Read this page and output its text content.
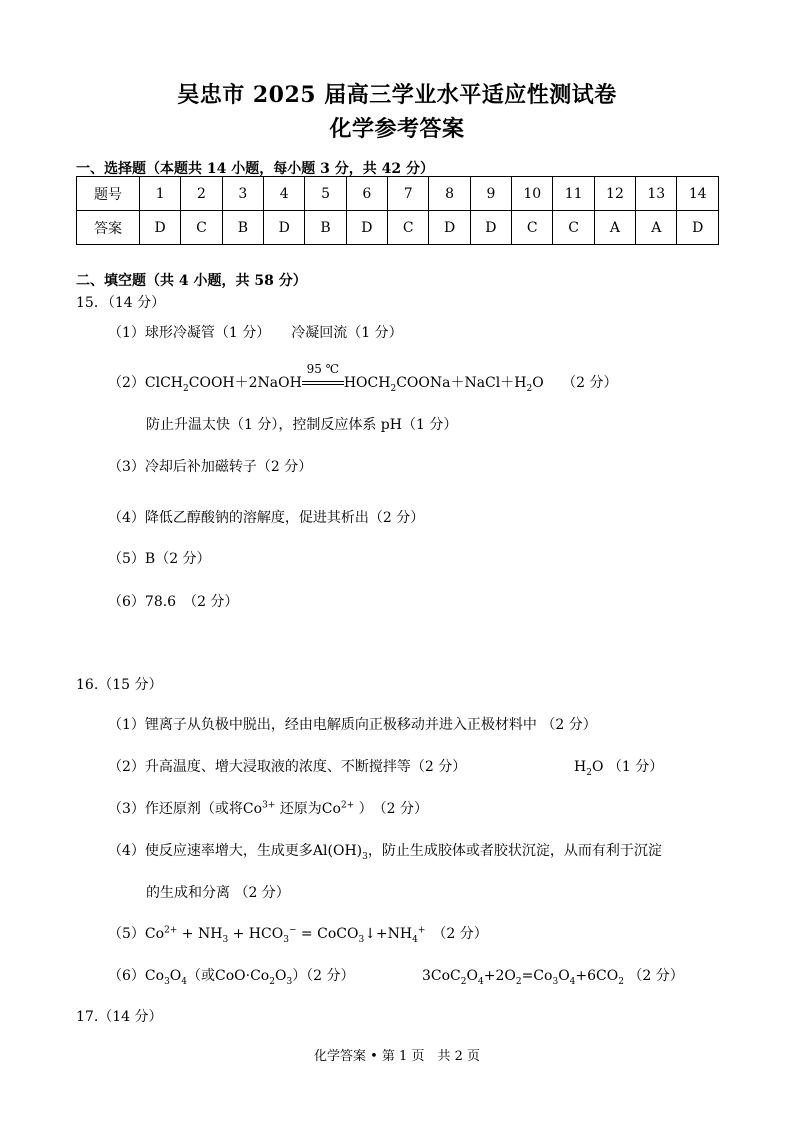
吴忠市 2025 届高三学业水平适应性测试卷
化学参考答案
一、选择题（本题共 14 小题，每小题 3 分，共 42 分）
题号	1	2	3	4	5	6	7	8	9	10	11	12	13	14
答案	D	C	B	D	B	D	C	D	D	C	C	A	A	D
二、填空题（共 4 小题，共 58 分）
15．（14 分）
（1）球形冷凝管（1 分）　　冷凝回流（1 分）
（2）ClCH$_2$COOH＋2NaOH
95 ℃
$HOCH_2COONa+NaCl+H_2O$　 （2 分）
防止升温太快（1 分），控制反应体系 pH（1 分）
（3）冷却后补加磁转子（2 分）
（4）降低乙醇酸钠的溶解度，促进其析出（2 分）
（5）B（2 分）
（6）78.6　（2 分）
16.（15 分）
（1）锂离子从负极中脱出，经由电解质向正极移动并进入正极材料中 （2 分）
（2）升高温度、增大浸取液的浓度、不断搅拌等（2 分）	$H_2O$ （1 分）
（3）作还原剂（或将$Co^{3+}$ 还原为$Co^{2+}$ ）　（2 分）
（4）使反应速率增大，生成更多$Al(OH)_3$，防止生成胶体或者胶状沉淀，从而有利于沉淀
的生成和分离 （2 分）
$(5)Co^{2+} + NH_3 + HCO_3^-$ = $CoCO_3↓+NH_4^+$　 （2 分）
$(6)Co_3O_4$（或$CoO\cdot Co_2O_3)(2$ 分）	$3CoC_2O_4+2O_2=Co_3O_4+6CO_2$ （2 分）
17.（14 分）
化学答案 • 第 1 页　共 2 页
